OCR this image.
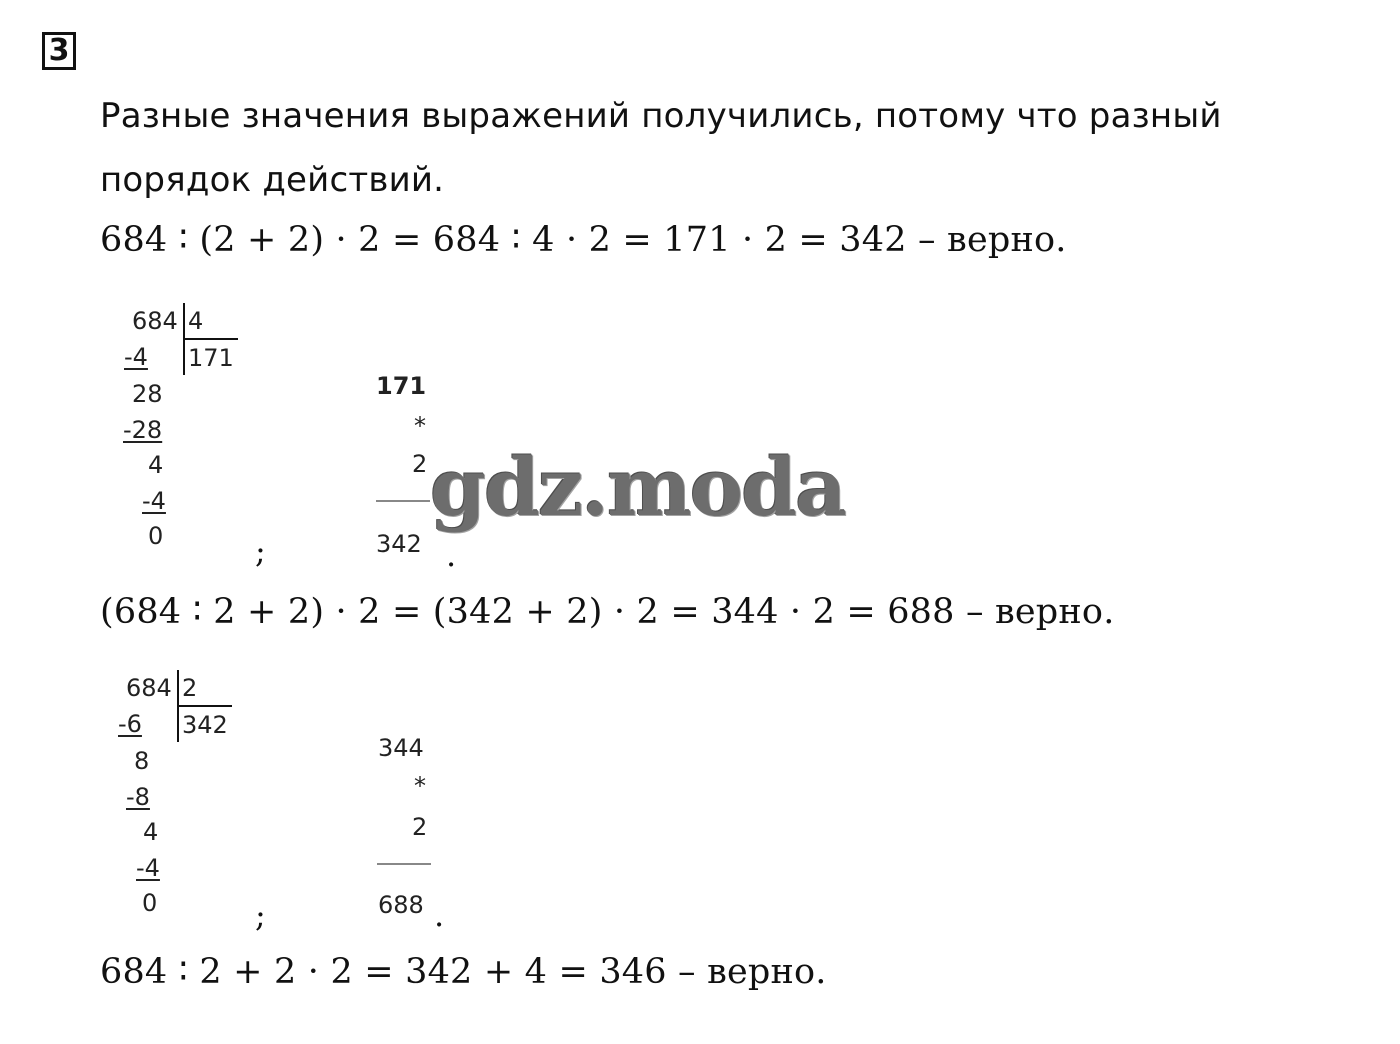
3
Разные значения выражений получились, потому что разный
порядок действий.
684 ∶ (2 + 2) · 2 = 684 ∶ 4 · 2 = 171 · 2 = 342 – верно.
684 4
171
-4
28
-28
4
-4
0	;
171
*
2
342 .
(684 ∶ 2 + 2) · 2 = (342 + 2) · 2 = 344 · 2 = 688 – верно.
684 2
342
-6
8
-8
4
-4
0	;
344
*
2
688 .
684 ∶ 2 + 2 · 2 = 342 + 4 = 346 – верно.
gdz.moda
